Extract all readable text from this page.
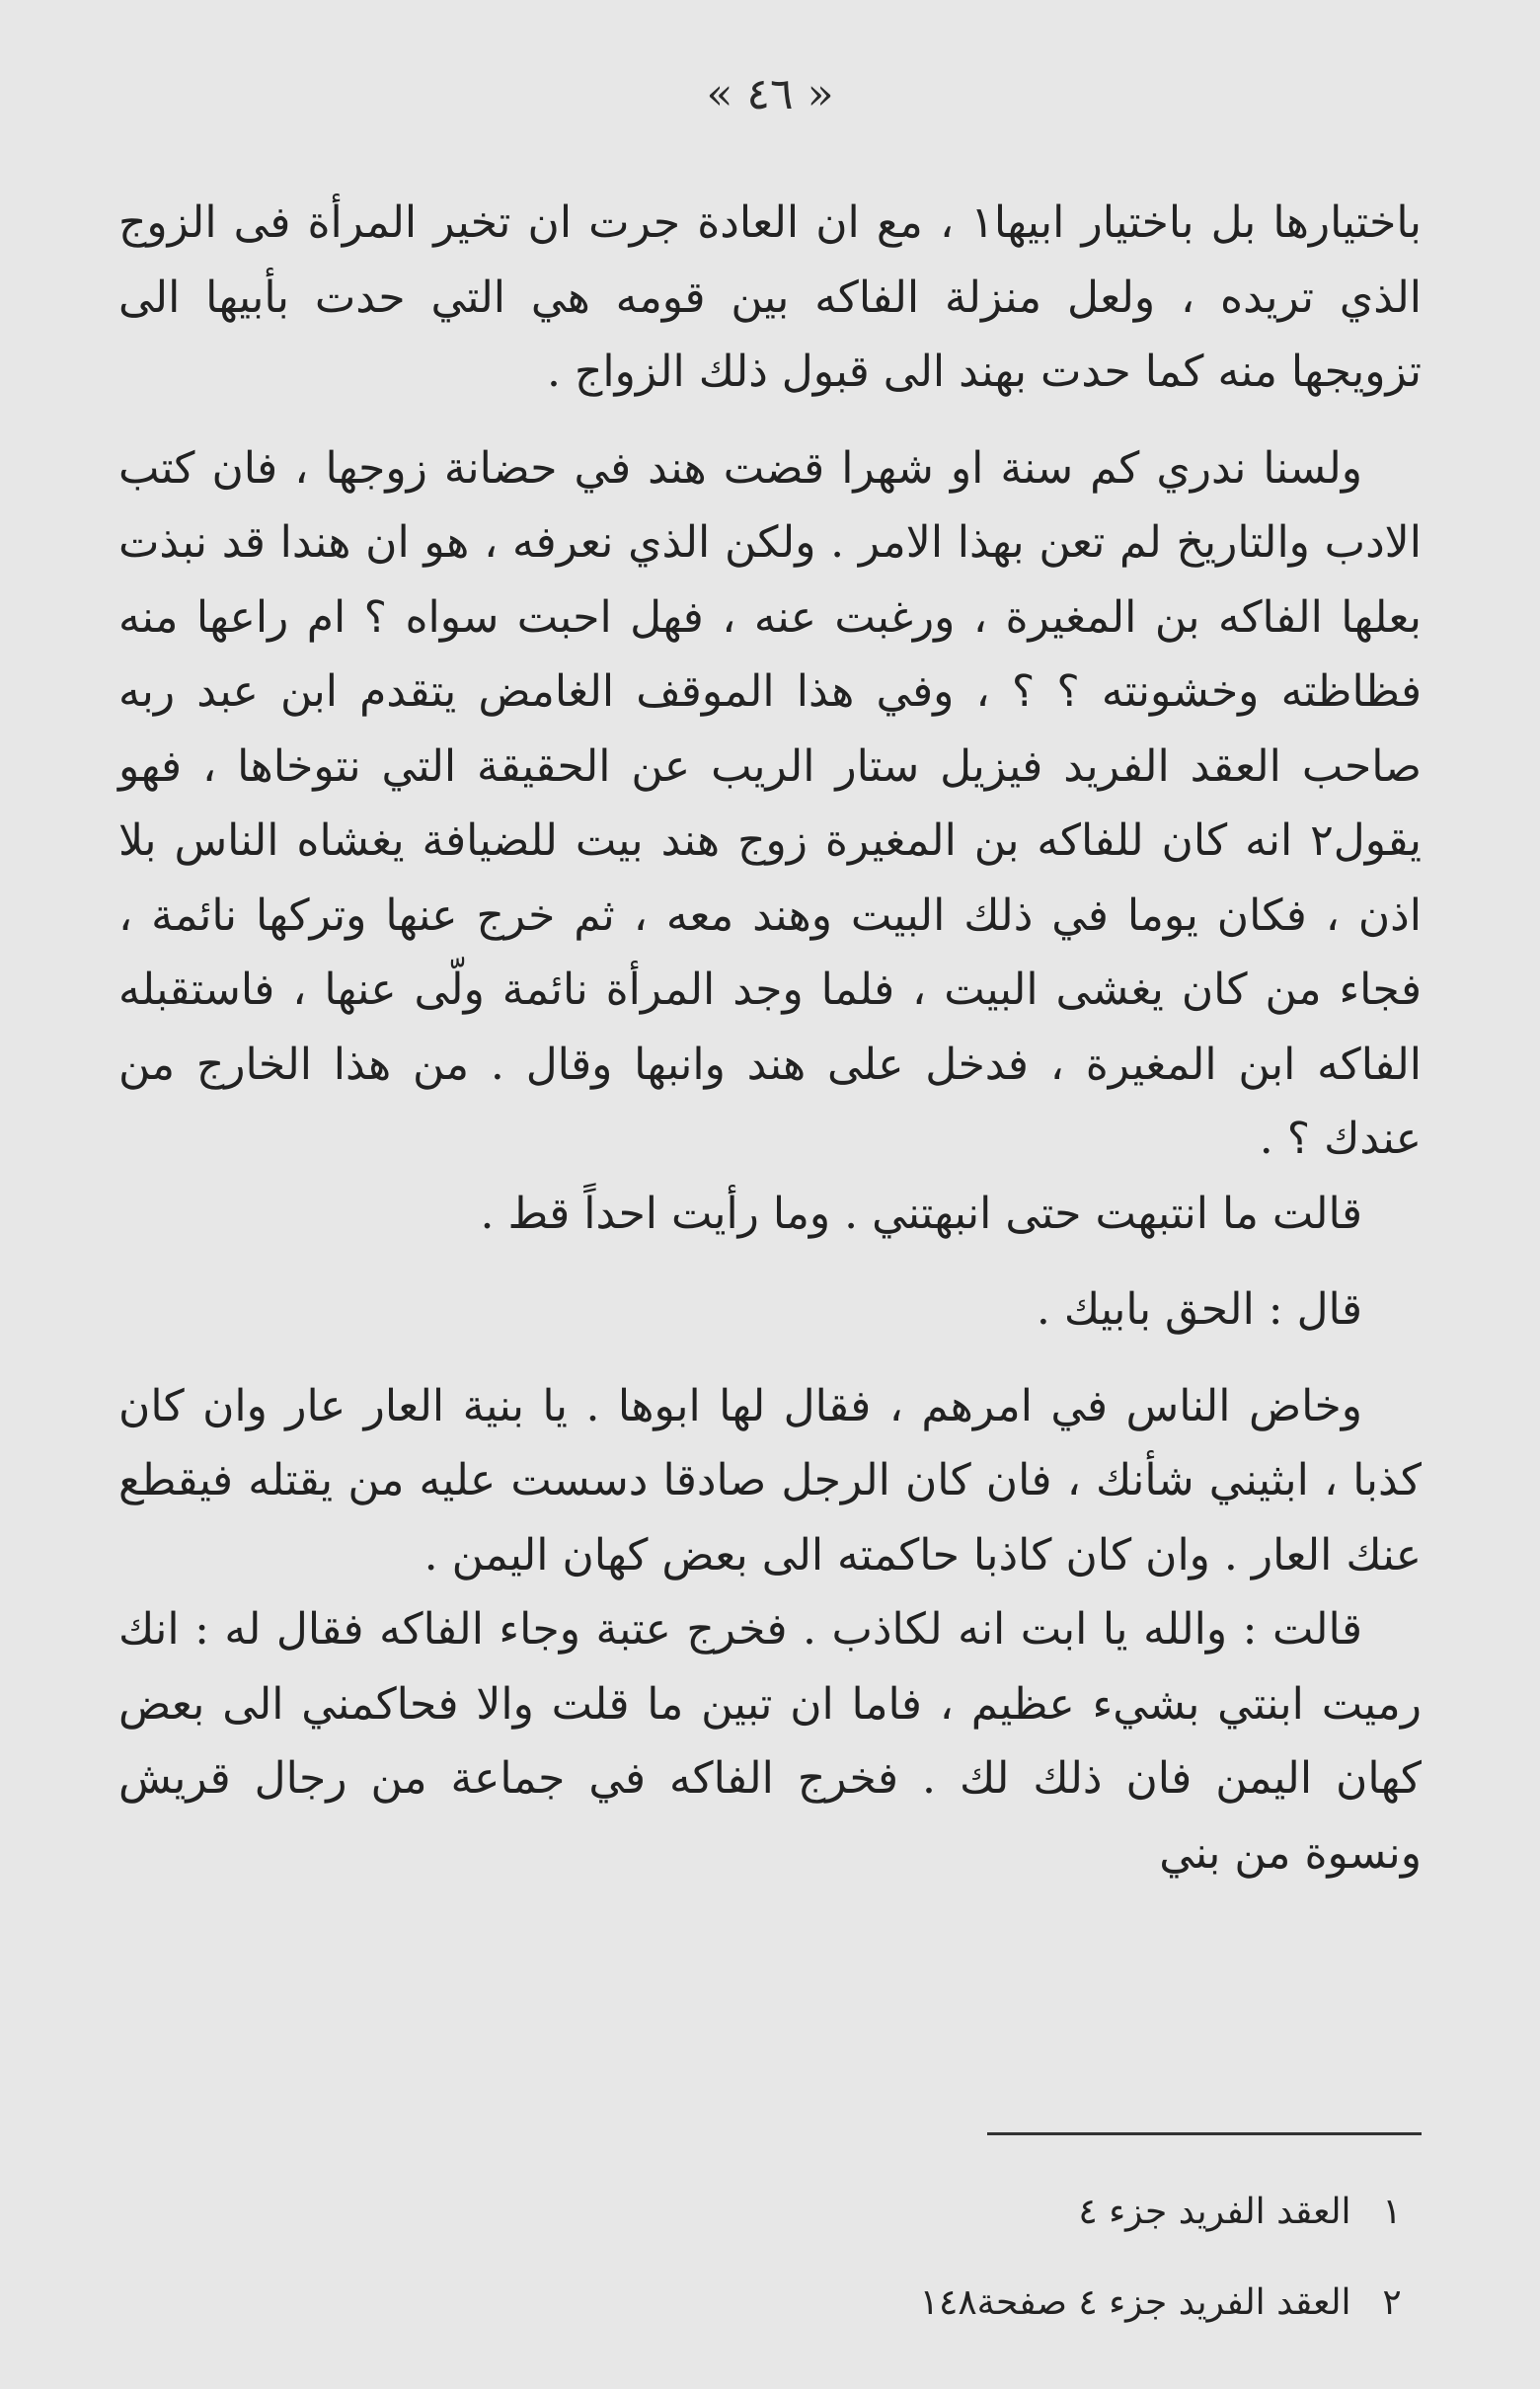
« ٤٦ »

باختيارها بل باختيار ابيها١ ، مع ان العادة جرت ان تخير المرأة فى الزوج الذي تريده ، ولعل منزلة الفاكه بين قومه هي التي حدت بأبيها الى تزويجها منه كما حدت بهند الى قبول ذلك الزواج .

ولسنا ندري كم سنة او شهرا قضت هند في حضانة زوجها ، فان كتب الادب والتاريخ لم تعن بهذا الامر . ولكن الذي نعرفه ، هو ان هندا قد نبذت بعلها الفاكه بن المغيرة ، ورغبت عنه ، فهل احبت سواه ؟ ام راعها منه فظاظته وخشونته ؟ ؟ ، وفي هذا الموقف الغامض يتقدم ابن عبد ربه صاحب العقد الفريد فيزيل ستار الريب عن الحقيقة التي نتوخاها ، فهو يقول٢ انه كان للفاكه بن المغيرة زوج هند بيت للضيافة يغشاه الناس بلا اذن ، فكان يوما في ذلك البيت وهند معه ، ثم خرج عنها وتركها نائمة ، فجاء من كان يغشى البيت ، فلما وجد المرأة نائمة ولّى عنها ، فاستقبله الفاكه ابن المغيرة ، فدخل على هند وانبها وقال . من هذا الخارج من عندك ؟ .

قالت ما انتبهت حتى انبهتني . وما رأيت احداً قط .

قال : الحق بابيك .

وخاض الناس في امرهم ، فقال لها ابوها . يا بنية العار عار وان كان كذبا ، ابثيني شأنك ، فان كان الرجل صادقا دسست عليه من يقتله فيقطع عنك العار . وان كان كاذبا حاكمته الى بعض كهان اليمن .

قالت : والله يا ابت انه لكاذب . فخرج عتبة وجاء الفاكه فقال له : انك رميت ابنتي بشيء عظيم ، فاما ان تبين ما قلت والا فحاكمني الى بعض كهان اليمن فان ذلك لك . فخرج الفاكه في جماعة من رجال قريش ونسوة من بني

١ العقد الفريد جزء ٤

٢ العقد الفريد جزء ٤ صفحة١٤٨
